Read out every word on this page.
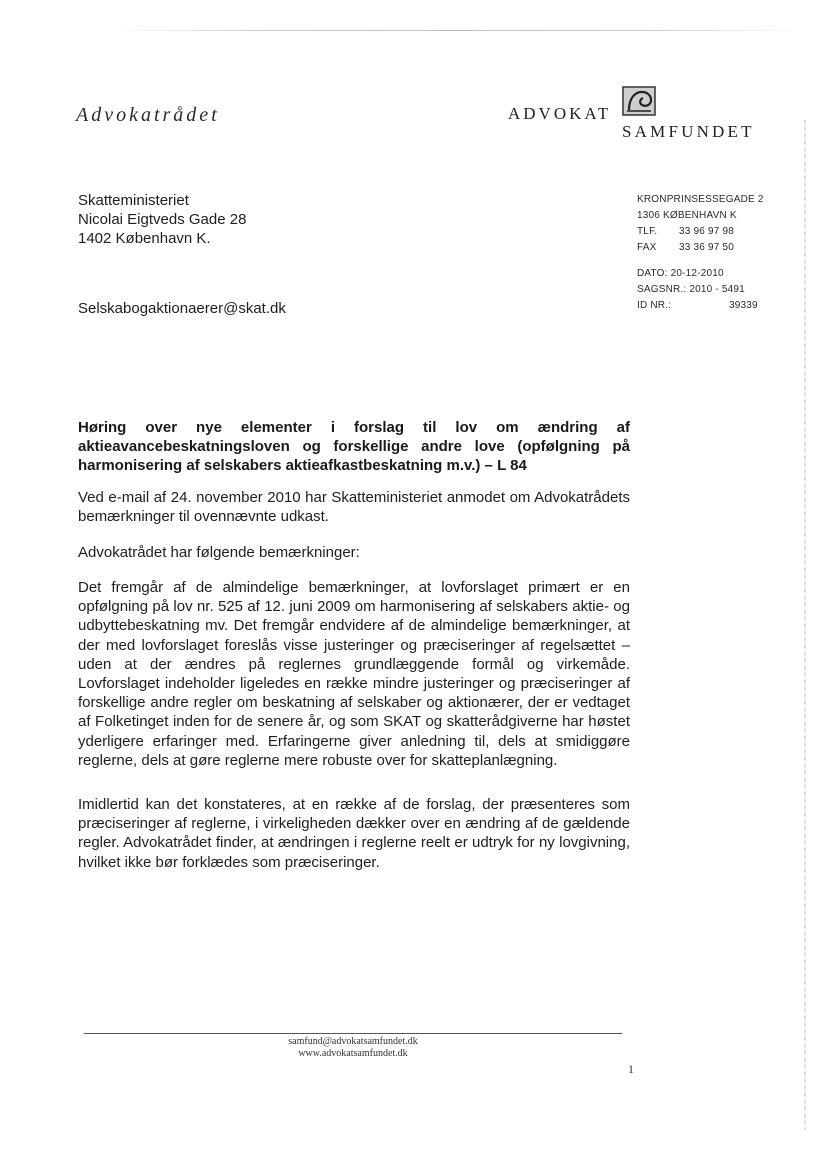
Advokatrådet	ADVOKAT
SAMFUNDET
Skatteministeriet
Nicolai Eigtveds Gade 28
1402 København K.
Selskabogaktionaerer@skat.dk
KRONPRINSESSEGADE 2
1306 KØBENHAVN K
TLF. 33 96 97 98
FAX 33 36 97 50
DATO: 20-12-2010
SAGSNR.: 2010 - 5491
ID NR.:	39339
Høring over nye elementer i forslag til lov om ændring af aktieavancebeskatningsloven og forskellige andre love (opfølgning på harmonisering af selskabers aktieafkastbeskatning m.v.) – L 84
Ved e-mail af 24. november 2010 har Skatteministeriet anmodet om Advokatrådets bemærkninger til ovennævnte udkast.
Advokatrådet har følgende bemærkninger:
Det fremgår af de almindelige bemærkninger, at lovforslaget primært er en opfølgning på lov nr. 525 af 12. juni 2009 om harmonisering af selskabers aktie- og udbyttebeskatning mv. Det fremgår endvidere af de almindelige bemærkninger, at der med lovforslaget foreslås visse justeringer og præciseringer af regelsættet – uden at der ændres på reglernes grundlæggende formål og virkemåde. Lovforslaget indeholder ligeledes en række mindre justeringer og præciseringer af forskellige andre regler om beskatning af selskaber og aktionærer, der er vedtaget af Folketinget inden for de senere år, og som SKAT og skatterådgiverne har høstet yderligere erfaringer med. Erfaringerne giver anledning til, dels at smidiggøre reglerne, dels at gøre reglerne mere robuste over for skatteplanlægning.
Imidlertid kan det konstateres, at en række af de forslag, der præsenteres som præciseringer af reglerne, i virkeligheden dækker over en ændring af de gældende regler. Advokatrådet finder, at ændringen i reglerne reelt er udtryk for ny lovgivning, hvilket ikke bør forklædes som præciseringer.
samfund@advokatsamfundet.dk
www.advokatsamfundet.dk
1
